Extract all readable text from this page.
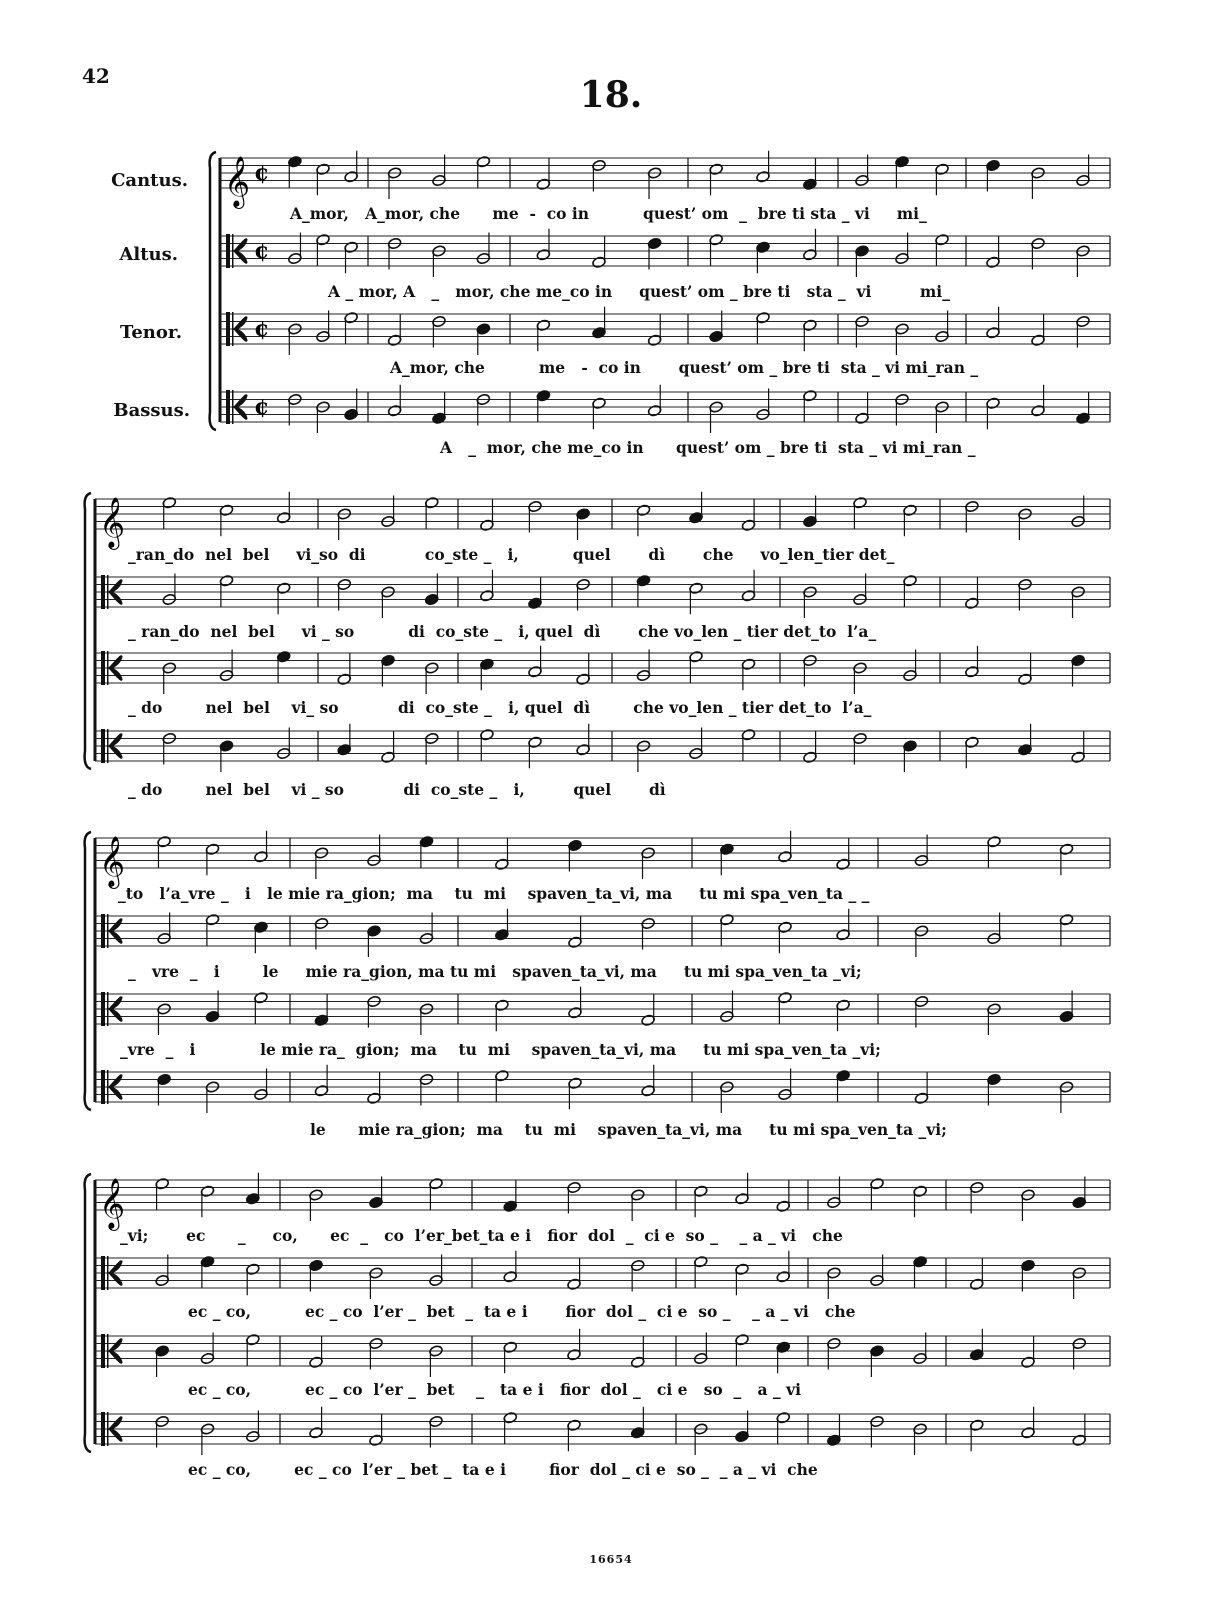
42	18.
Cantus.
Altus.
Tenor.
Bassus.
𝄞 ¢
¢
¢
¢
𝄞
𝄞
𝄞
A_mor,   A_mor, che      me  -  co in          quest’ om  _  bre ti sta _ vi     mi_
A _ mor, A   _   mor, che me_co in     quest’ om _ bre ti   sta _  vi         mi_
A_mor, che          me   -  co in       quest’ om _ bre ti  sta _ vi mi_ran _
A   _  mor, che me_co in      quest’ om _ bre ti  sta _ vi mi_ran _
_ran_do  nel  bel     vi_so  di           co_ste _   i,          quel       dì       che     vo_len_tier det_
_ ran_do  nel  bel     vi _ so          di  co_ste _   i, quel  dì       che vo_len _ tier det_to  l’a_
_ do        nel  bel    vi_ so           di  co_ste _   i, quel  dì        che vo_len _ tier det_to  l’a_
_ do        nel  bel    vi _ so           di  co_ste _   i,         quel       dì
_to   l’a_vre _   i   le mie ra_gion;  ma    tu  mi    spaven_ta_vi, ma     tu mi spa_ven_ta _ _
_   vre  _   i        le     mie ra_gion, ma tu mi   spaven_ta_vi, ma     tu mi spa_ven_ta _vi;
_vre  _   i            le mie ra_  gion;  ma    tu  mi    spaven_ta_vi, ma     tu mi spa_ven_ta _vi;
le      mie ra_gion;  ma    tu  mi    spaven_ta_vi, ma     tu mi spa_ven_ta _vi;
_vi;       ec      _     co,      ec  _   co  l’er_bet_ta e i   fior  dol  _  ci e  so _    _ a _ vi   che
ec _ co,          ec _ co  l’er _  bet  _  ta e i       fior  dol _  ci e  so _    _ a _ vi   che
ec _ co,          ec _ co  l’er _  bet    _   ta e i   fior  dol _   ci e   so  _   a _ vi
ec _ co,        ec _ co  l’er _ bet _  ta e i        fior  dol _ ci e  so _  _ a _ vi  che
16654
